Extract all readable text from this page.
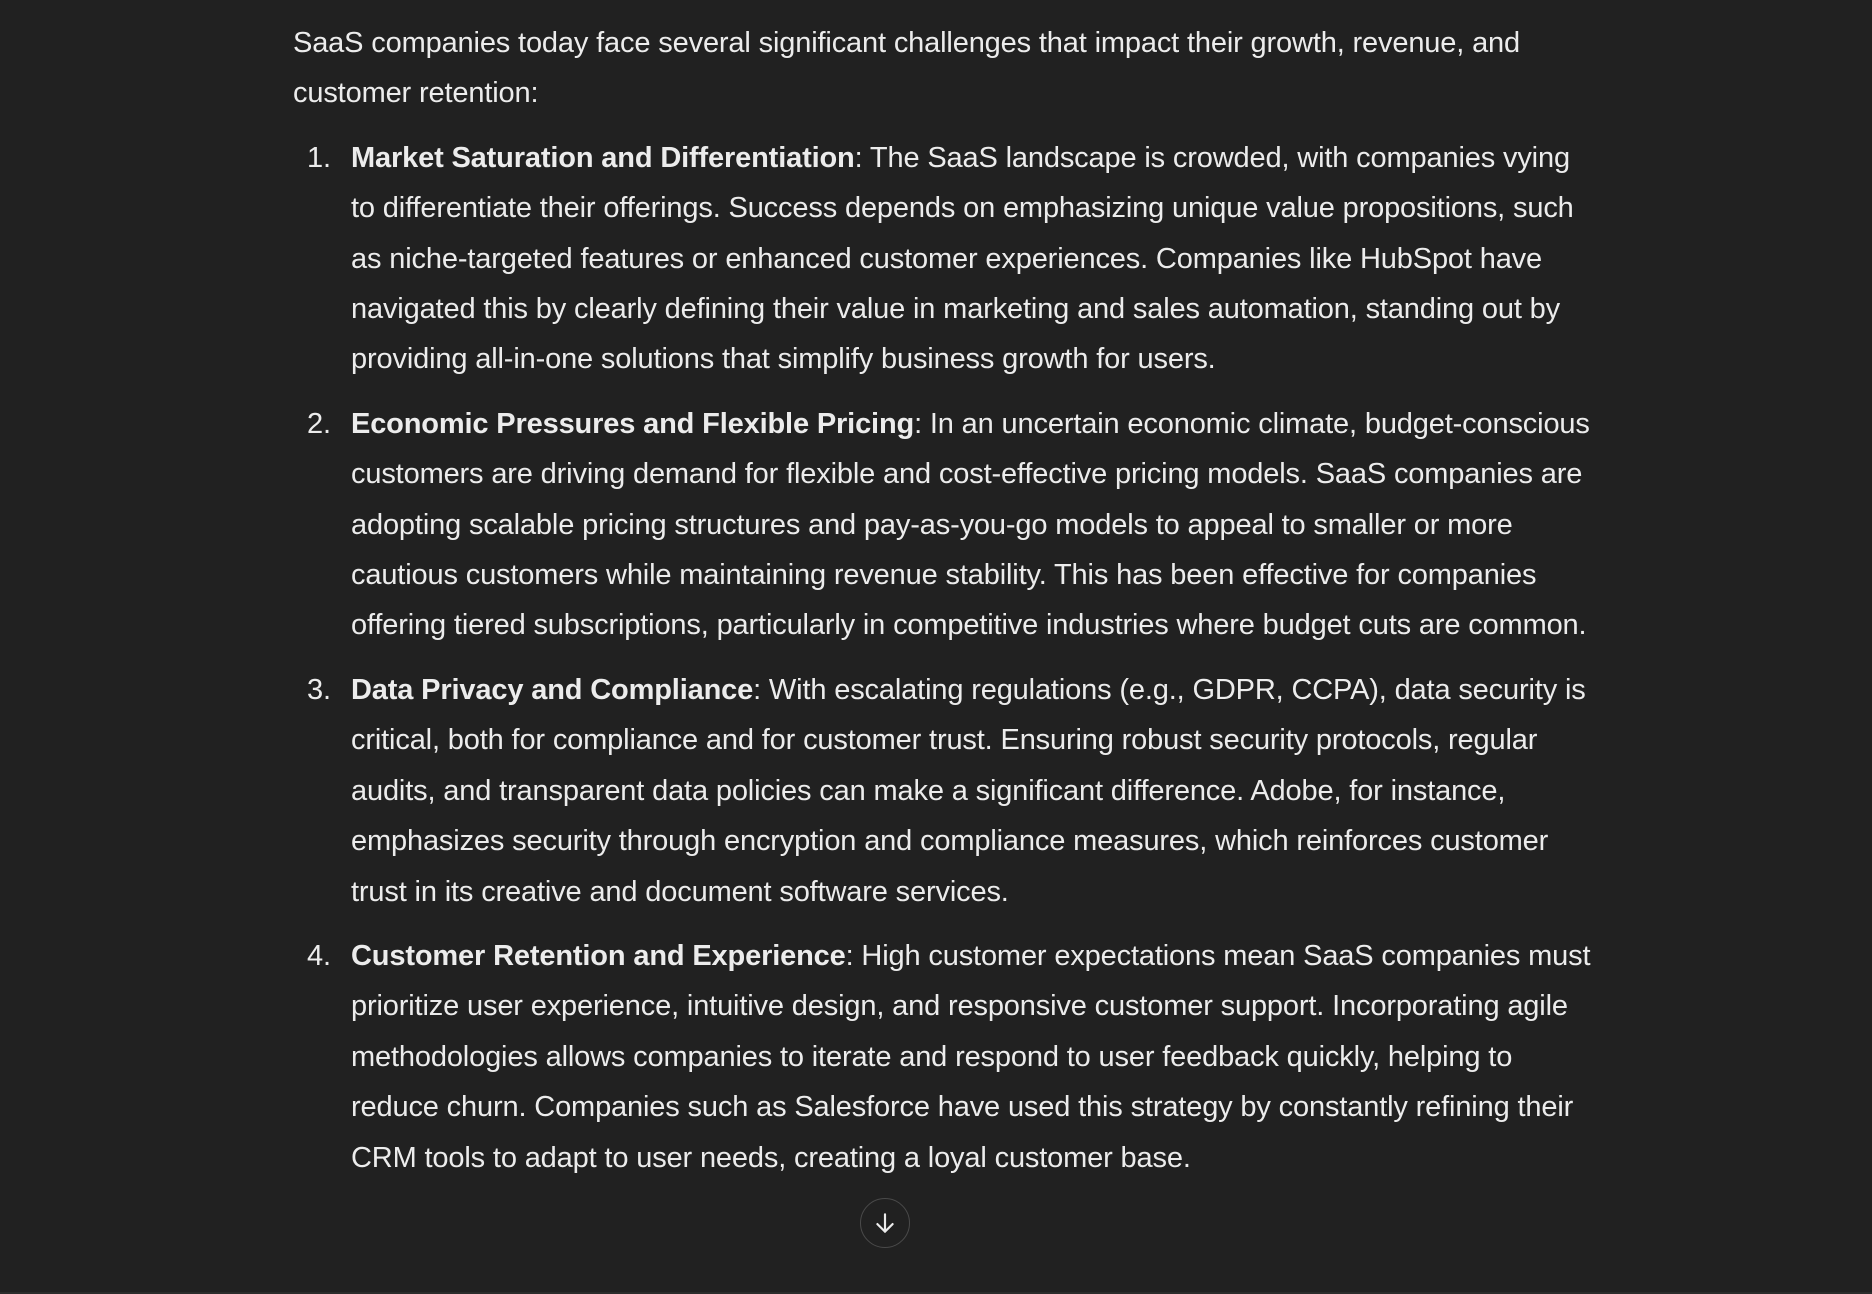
SaaS companies today face several significant challenges that impact their growth, revenue, and customer retention:

1. Market Saturation and Differentiation: The SaaS landscape is crowded, with companies vying to differentiate their offerings. Success depends on emphasizing unique value propositions, such as niche-targeted features or enhanced customer experiences. Companies like HubSpot have navigated this by clearly defining their value in marketing and sales automation, standing out by providing all-in-one solutions that simplify business growth for users.
2. Economic Pressures and Flexible Pricing: In an uncertain economic climate, budget-conscious customers are driving demand for flexible and cost-effective pricing models. SaaS companies are adopting scalable pricing structures and pay-as-you-go models to appeal to smaller or more cautious customers while maintaining revenue stability. This has been effective for companies offering tiered subscriptions, particularly in competitive industries where budget cuts are common.
3. Data Privacy and Compliance: With escalating regulations (e.g., GDPR, CCPA), data security is critical, both for compliance and for customer trust. Ensuring robust security protocols, regular audits, and transparent data policies can make a significant difference. Adobe, for instance, emphasizes security through encryption and compliance measures, which reinforces customer trust in its creative and document software services.
4. Customer Retention and Experience: High customer expectations mean SaaS companies must prioritize user experience, intuitive design, and responsive customer support. Incorporating agile methodologies allows companies to iterate and respond to user feedback quickly, helping to reduce churn. Companies such as Salesforce have used this strategy by constantly refining their CRM tools to adapt to user needs, creating a loyal customer base.
